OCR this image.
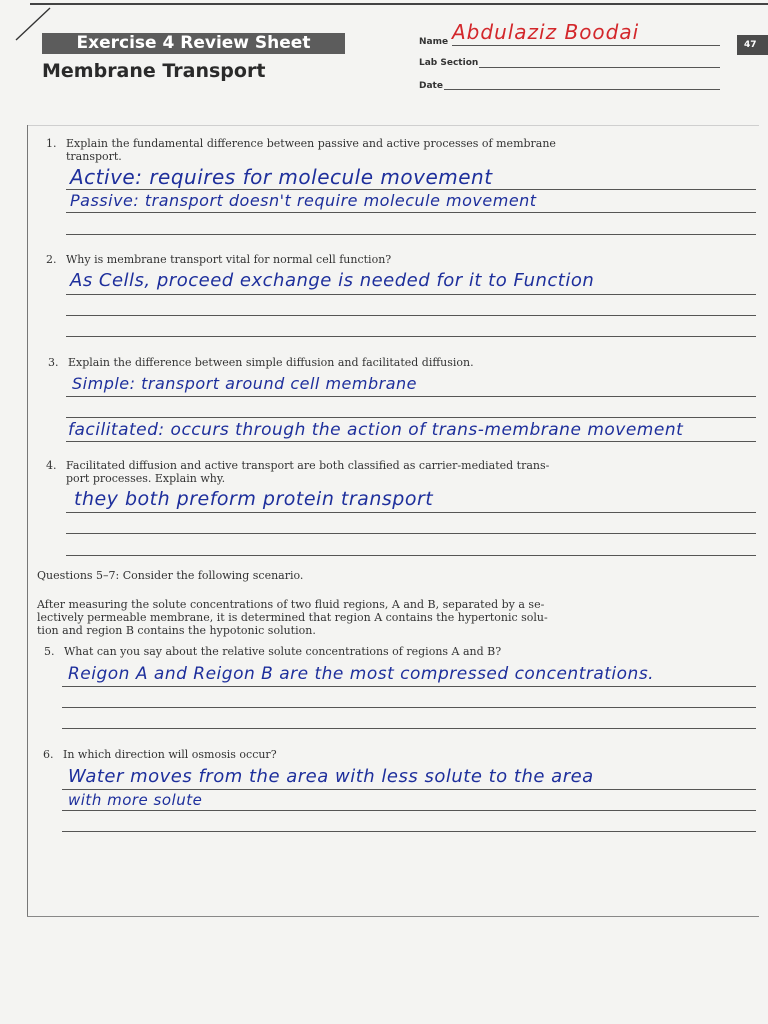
Exercise 4 Review Sheet
Membrane Transport
Name Abdulaziz Boodai
Lab Section
Date
47
1. Explain the fundamental difference between passive and active processes of membrane
transport.
Active: requires for molecule movement
Passive: transport doesn't require molecule movement
2. Why is membrane transport vital for normal cell function?
As Cells, proceed exchange is needed for it to Function
3. Explain the difference between simple diffusion and facilitated diffusion.
Simple: transport around cell membrane
facilitated: occurs through the action of trans-membrane movement
4. Facilitated diffusion and active transport are both classified as carrier-mediated trans-
port processes. Explain why.
they both preform protein transport
Questions 5–7: Consider the following scenario.
After measuring the solute concentrations of two fluid regions, A and B, separated by a se-
lectively permeable membrane, it is determined that region A contains the hypertonic solu-
tion and region B contains the hypotonic solution.
5. What can you say about the relative solute concentrations of regions A and B?
Reigon A and Reigon B are the most compressed concentrations.
6. In which direction will osmosis occur?
Water moves from the area with less solute to the area
with more solute
